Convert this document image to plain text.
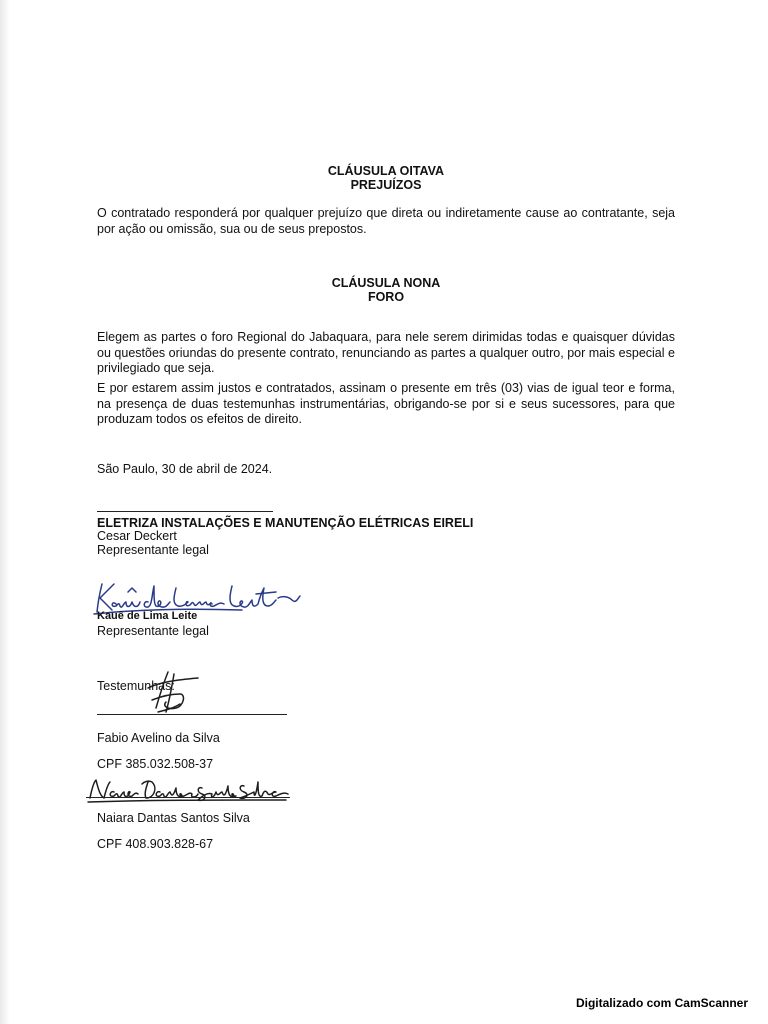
CLÁUSULA OITAVA
PREJUÍZOS
O contratado responderá por qualquer prejuízo que direta ou indiretamente cause ao contratante, seja por ação ou omissão, sua ou de seus prepostos.
CLÁUSULA NONA
FORO
Elegem as partes o foro Regional do Jabaquara, para nele serem dirimidas todas e quaisquer dúvidas ou questões oriundas do presente contrato, renunciando as partes a qualquer outro, por mais especial e privilegiado que seja.
E por estarem assim justos e contratados, assinam o presente em três (03) vias de igual teor e forma, na presença de duas testemunhas instrumentárias, obrigando-se por si e seus sucessores, para que produzam todos os efeitos de direito.
São Paulo, 30 de abril de 2024.
ELETRIZA INSTALAÇÕES E MANUTENÇÃO ELÉTRICAS EIRELI
Cesar Deckert
Representante legal
Kauê de Lima Leite
Representante legal
Testemunhas:
Fabio Avelino da Silva
CPF 385.032.508-37
Naiara Dantas Santos Silva
CPF 408.903.828-67
Digitalizado com CamScanner
